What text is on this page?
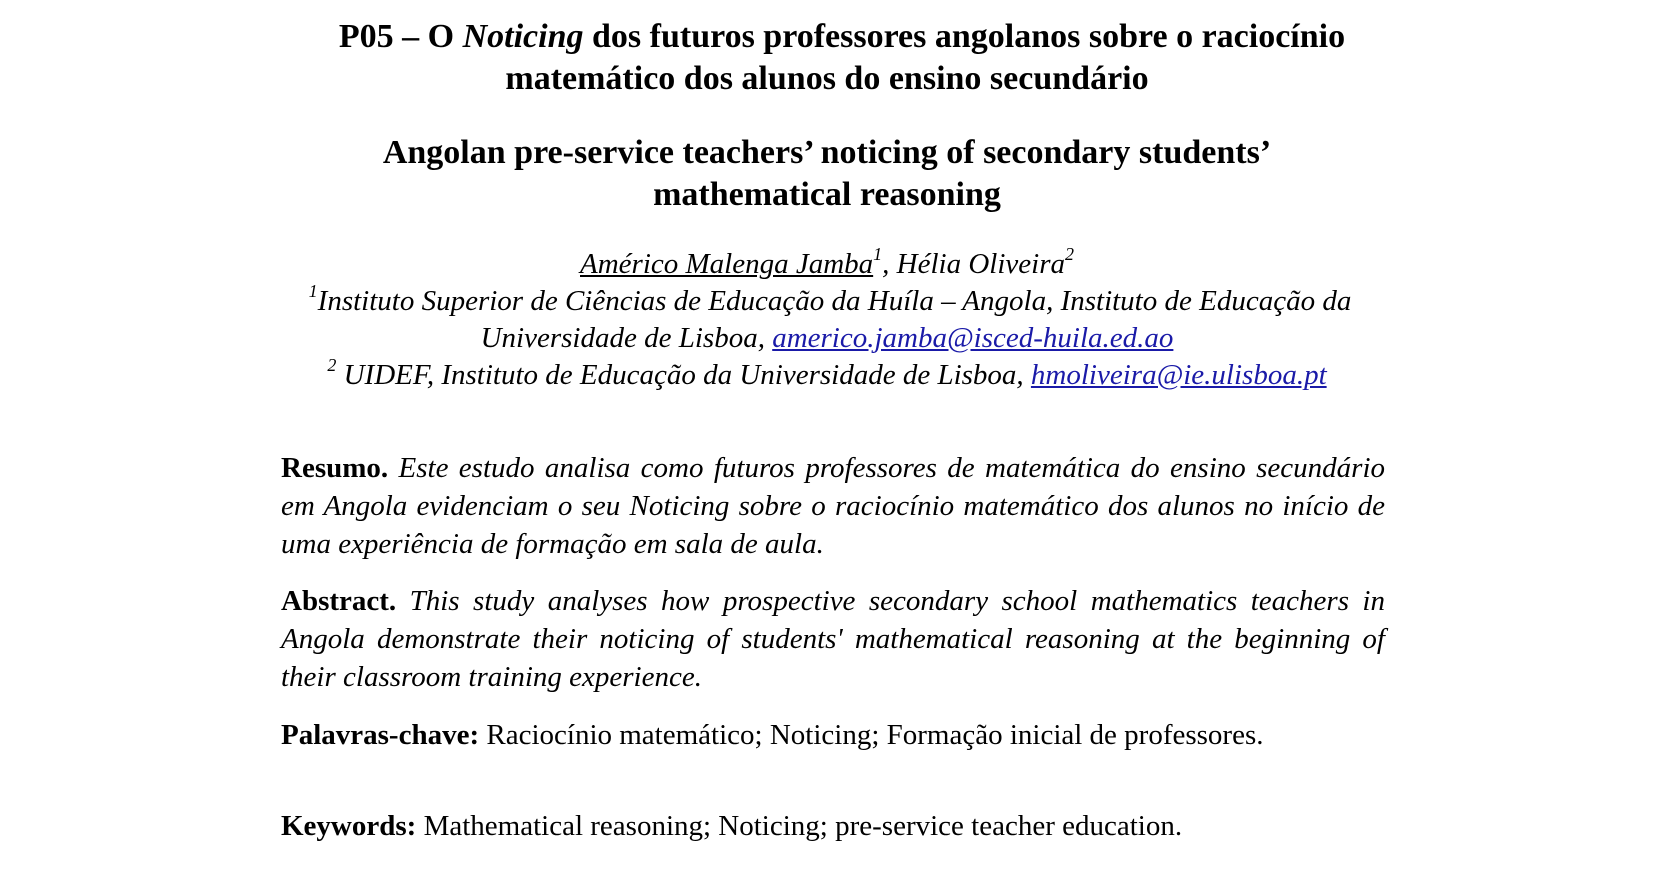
P05 – O Noticing dos futuros professores angolanos sobre o raciocínio
matemático dos alunos do ensino secundário
Angolan pre-service teachers’ noticing of secondary students’
mathematical reasoning
Américo Malenga Jamba$^1$, Hélia Oliveira$^2$
$^1$Instituto Superior de Ciências de Educação da Huíla – Angola, Instituto de Educação da
Universidade de Lisboa, americo.jamba@isced-huila.ed.ao
$^2$ UIDEF, Instituto de Educação da Universidade de Lisboa, hmoliveira@ie.ulisboa.pt
Resumo. Este estudo analisa como futuros professores de matemática do ensino secundário em Angola evidenciam o seu Noticing sobre o raciocínio matemático dos alunos no início de uma experiência de formação em sala de aula.
Abstract. This study analyses how prospective secondary school mathematics teachers in Angola demonstrate their noticing of students' mathematical reasoning at the beginning of their classroom training experience.
Palavras-chave: Raciocínio matemático; Noticing; Formação inicial de professores.
Keywords: Mathematical reasoning; Noticing; pre-service teacher education.
